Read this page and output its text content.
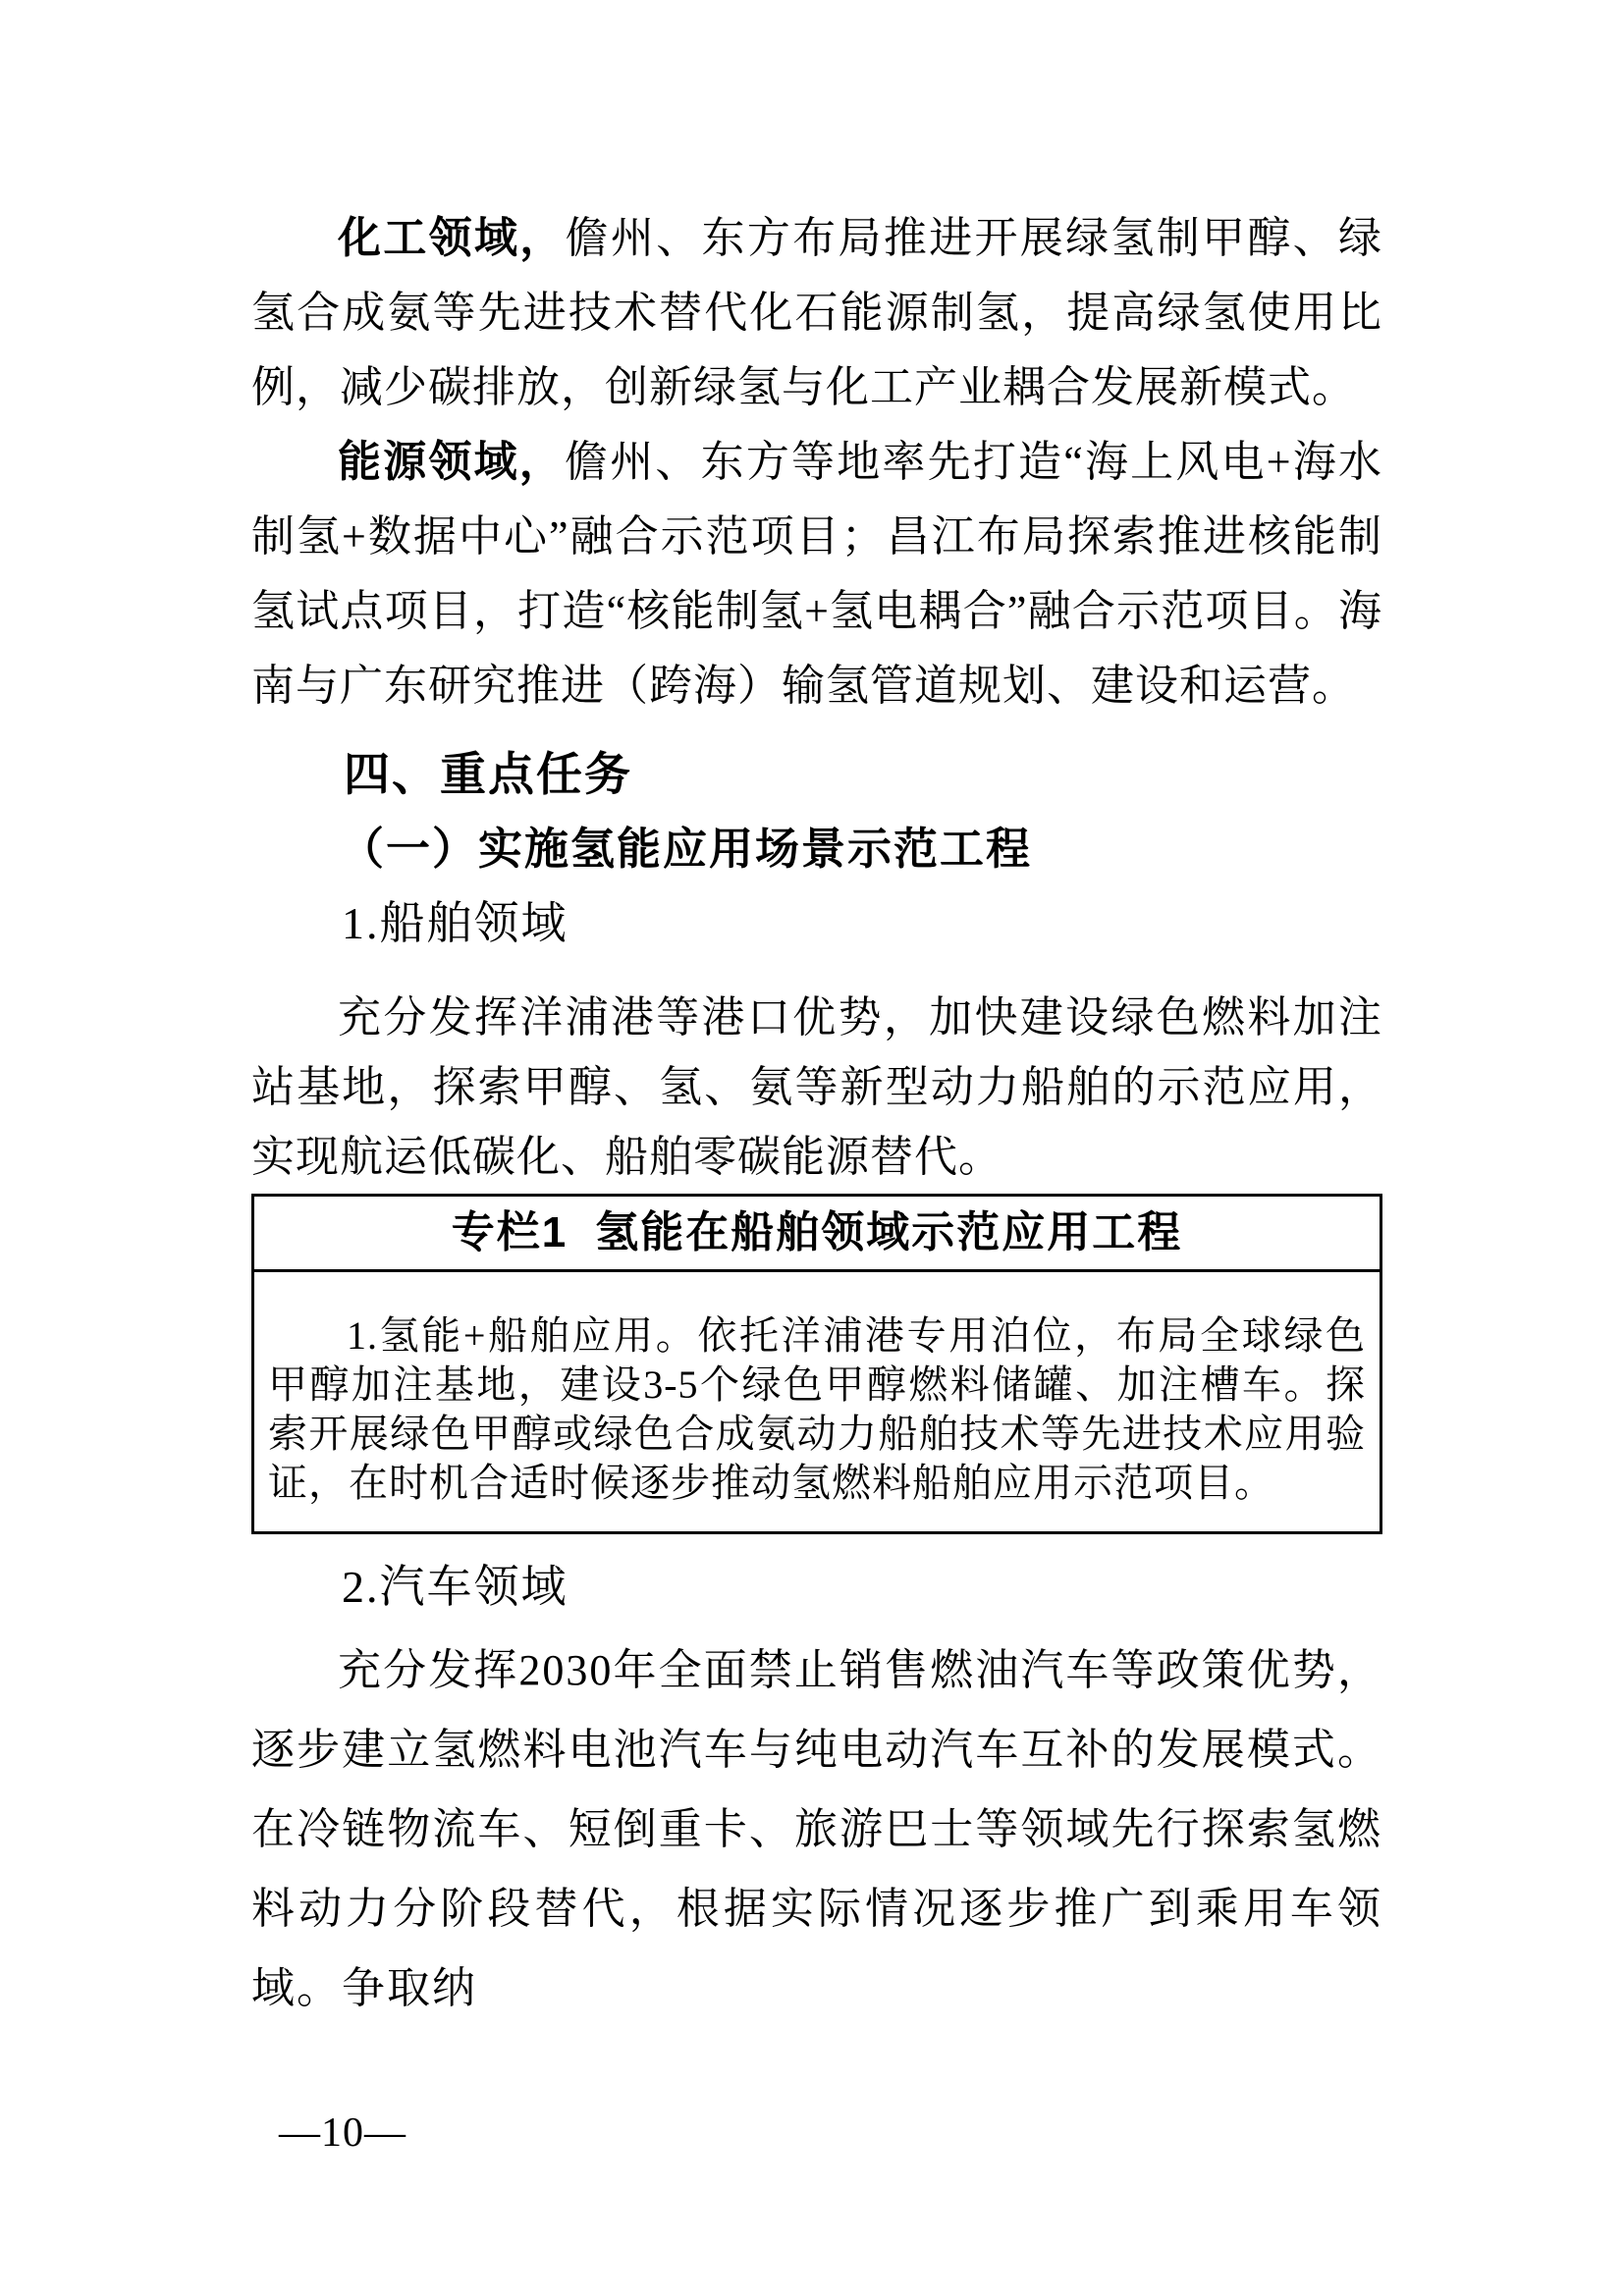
化工领域，儋州、东方布局推进开展绿氢制甲醇、绿氢合成氨等先进技术替代化石能源制氢，提高绿氢使用比例，减少碳排放，创新绿氢与化工产业耦合发展新模式。

能源领域，儋州、东方等地率先打造“海上风电+海水制氢+数据中心”融合示范项目；昌江布局探索推进核能制氢试点项目，打造“核能制氢+氢电耦合”融合示范项目。海南与广东研究推进（跨海）输氢管道规划、建设和运营。

四、重点任务
（一）实施氢能应用场景示范工程
1.船舶领域

充分发挥洋浦港等港口优势，加快建设绿色燃料加注站基地，探索甲醇、氢、氨等新型动力船舶的示范应用，实现航运低碳化、船舶零碳能源替代。

专栏1 氢能在船舶领域示范应用工程

1.氢能+船舶应用。依托洋浦港专用泊位，布局全球绿色甲醇加注基地，建设3-5个绿色甲醇燃料储罐、加注槽车。探索开展绿色甲醇或绿色合成氨动力船舶技术等先进技术应用验证，在时机合适时候逐步推动氢燃料船舶应用示范项目。

2.汽车领域

充分发挥2030年全面禁止销售燃油汽车等政策优势，逐步建立氢燃料电池汽车与纯电动汽车互补的发展模式。在冷链物流车、短倒重卡、旅游巴士等领域先行探索氢燃料动力分阶段替代，根据实际情况逐步推广到乘用车领域。争取纳

—10—
